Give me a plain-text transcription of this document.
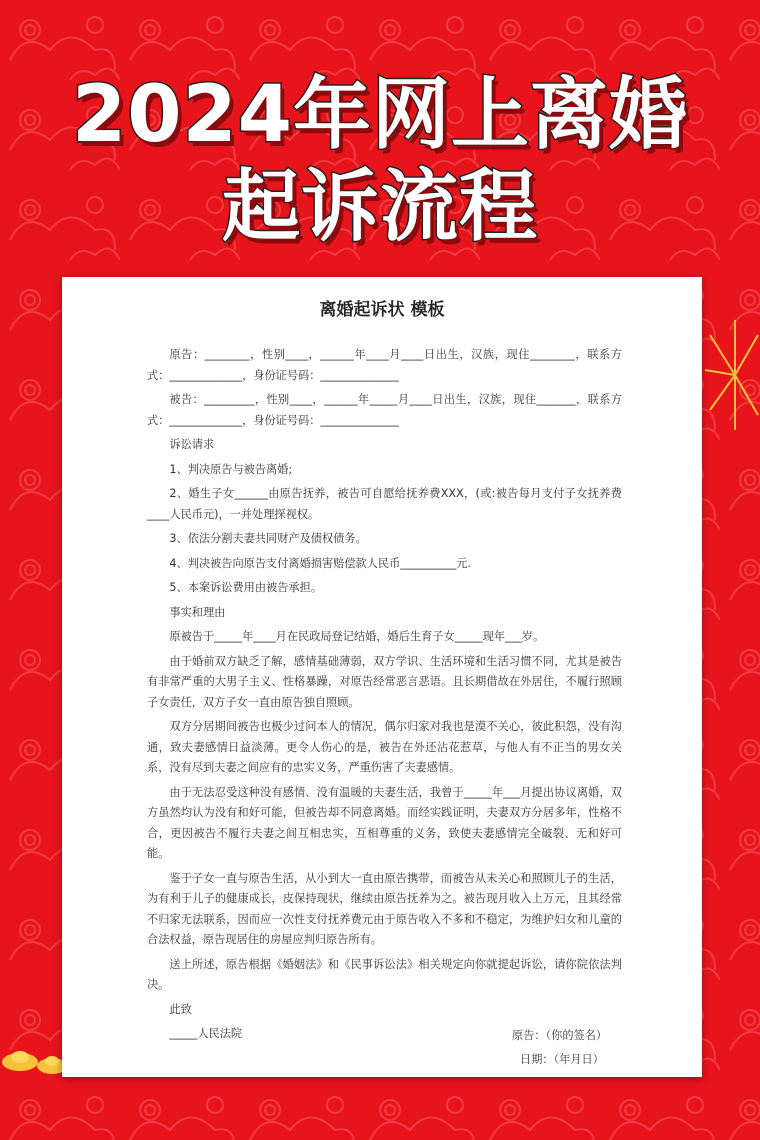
2024年网上离婚
起诉流程
离婚起诉状 模板

原告：________，性别____，______年____月____日出生，汉族，现住________，联系方式：_____________，身份证号码：______________

被告：_________，性别____，______年_____月____日出生，汉族，现住_______，联系方式：_____________，身份证号码：______________

诉讼请求

1、判决原告与被告离婚;

2、婚生子女______由原告抚养，被告可自愿给抚养费XXX，(或:被告每月支付子女抚养费____人民币元)，一并处理探视权。

3、依法分割夫妻共同财产及债权债务。

4、判决被告向原告支付离婚损害赔偿款人民币__________元.

5、本案诉讼费用由被告承担。

事实和理由

原被告于_____年____月在民政局登记结婚，婚后生育子女_____现年___岁。

由于婚前双方缺乏了解，感情基础薄弱，双方学识、生活环境和生活习惯不同，尤其是被告有非常严重的大男子主义、性格暴躁，对原告经常恶言恶语。且长期借故在外居住，不履行照顾子女责任，双方子女一直由原告独自照顾。

双方分居期间被告也极少过问本人的情况，偶尔归家对我也是漠不关心，彼此积怨，没有沟通，致夫妻感情日益淡薄。更令人伤心的是，被告在外还沾花惹草，与他人有不正当的男女关系，没有尽到夫妻之间应有的忠实义务，严重伤害了夫妻感情。

由于无法忍受这种没有感情、没有温暖的夫妻生活，我曾于_____年___月提出协议离婚，双方虽然均认为没有和好可能，但被告却不同意离婚。而经实践证明，夫妻双方分居多年，性格不合，更因被告不履行夫妻之间互相忠实，互相尊重的义务，致使夫妻感情完全破裂、无和好可能。

鉴于子女一直与原告生活，从小到大一直由原告携带，而被告从未关心和照顾儿子的生活，为有利于儿子的健康成长，皮保持现状，继续由原告抚养为之。被告现月收入上万元，且其经常不归家无法联系，因而应一次性支付抚养费元由于原告收入不多和不稳定，为维护妇女和儿童的合法权益，原告现居住的房屋应判归原告所有。

送上所述，原告根据《婚姻法》和《民事诉讼法》相关规定向你就提起诉讼，请你院依法判决。

此致

_____人民法院	原告：（你的签名）
日期：（年月日）
